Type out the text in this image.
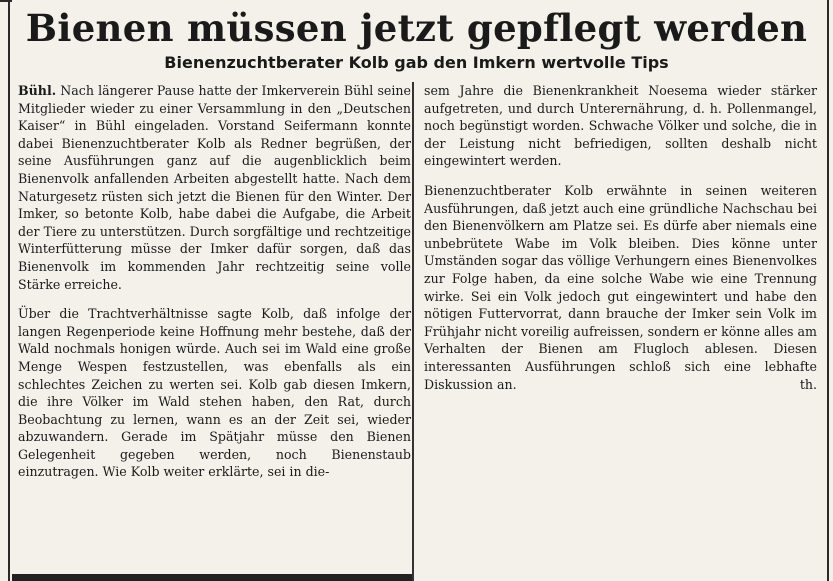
Bienen müssen jetzt gepflegt werden
Bienenzuchtberater Kolb gab den Imkern wertvolle Tips

Bühl. Nach längerer Pause hatte der Imkerverein Bühl seine Mitglieder wieder zu einer Versammlung in den „Deutschen Kaiser“ in Bühl eingeladen. Vorstand Seifermann konnte dabei Bienenzuchtberater Kolb als Redner begrüßen, der seine Ausführungen ganz auf die augenblicklich beim Bienenvolk anfallenden Arbeiten abgestellt hatte. Nach dem Naturgesetz rüsten sich jetzt die Bienen für den Winter. Der Imker, so betonte Kolb, habe dabei die Aufgabe, die Arbeit der Tiere zu unterstützen. Durch sorgfältige und rechtzeitige Winterfütterung müsse der Imker dafür sorgen, daß das Bienenvolk im kommenden Jahr rechtzeitig seine volle Stärke erreiche.

Über die Trachtverhältnisse sagte Kolb, daß infolge der langen Regenperiode keine Hoffnung mehr bestehe, daß der Wald nochmals honigen würde. Auch sei im Wald eine große Menge Wespen festzustellen, was ebenfalls als ein schlechtes Zeichen zu werten sei. Kolb gab diesen Imkern, die ihre Völker im Wald stehen haben, den Rat, durch Beobachtung zu lernen, wann es an der Zeit sei, wieder abzuwandern. Gerade im Spätjahr müsse den Bienen Gelegenheit gegeben werden, noch Bienenstaub einzutragen. Wie Kolb weiter erklärte, sei in die-

sem Jahre die Bienenkrankheit Noesema wieder stärker aufgetreten, und durch Unterernährung, d. h. Pollenmangel, noch begünstigt worden. Schwache Völker und solche, die in der Leistung nicht befriedigen, sollten deshalb nicht eingewintert werden.

Bienenzuchtberater Kolb erwähnte in seinen weiteren Ausführungen, daß jetzt auch eine gründliche Nachschau bei den Bienenvölkern am Platze sei. Es dürfe aber niemals eine unbebrütete Wabe im Volk bleiben. Dies könne unter Umständen sogar das völlige Verhungern eines Bienenvolkes zur Folge haben, da eine solche Wabe wie eine Trennung wirke. Sei ein Volk jedoch gut eingewintert und habe den nötigen Futtervorrat, dann brauche der Imker sein Volk im Frühjahr nicht voreilig aufreissen, sondern er könne alles am Verhalten der Bienen am Flugloch ablesen. Diesen interessanten Ausführungen schloß sich eine lebhafte Diskussion an.	th.
